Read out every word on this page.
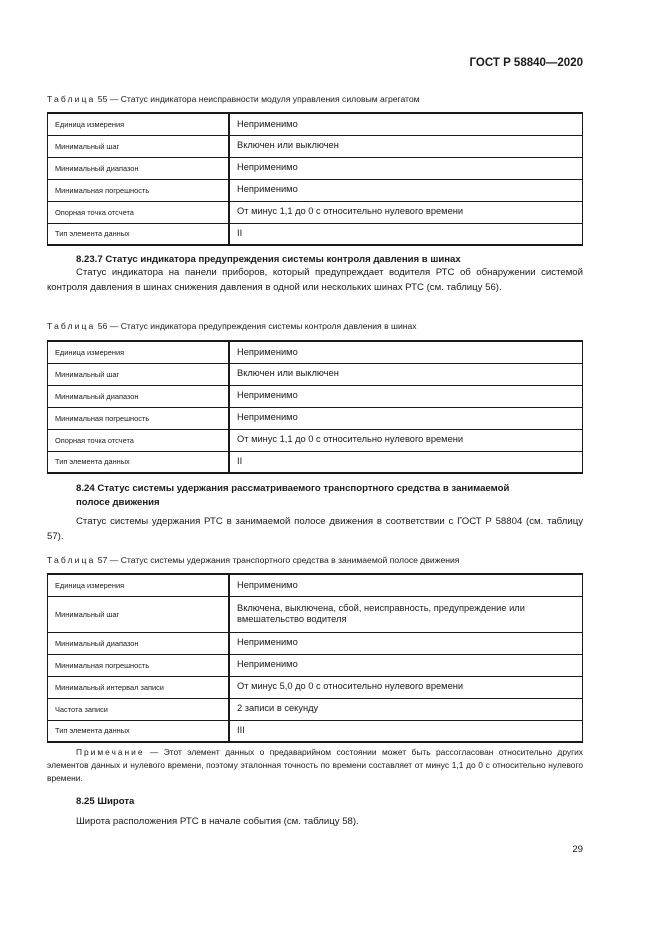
ГОСТ Р 58840—2020
Таблица 55 — Статус индикатора неисправности модуля управления силовым агрегатом
Единица измерения	Неприменимо
Минимальный шаг	Включен или выключен
Минимальный диапазон	Неприменимо
Минимальная погрешность	Неприменимо
Опорная точка отсчета	От минус 1,1 до 0 с относительно нулевого времени
Тип элемента данных	II
8.23.7 Статус индикатора предупреждения системы контроля давления в шинах
Статус индикатора на панели приборов, который предупреждает водителя РТС об обнаружении системой контроля давления в шинах снижения давления в одной или нескольких шинах РТС (см. таблицу 56).
Таблица 56 — Статус индикатора предупреждения системы контроля давления в шинах
Единица измерения	Неприменимо
Минимальный шаг	Включен или выключен
Минимальный диапазон	Неприменимо
Минимальная погрешность	Неприменимо
Опорная точка отсчета	От минус 1,1 до 0 с относительно нулевого времени
Тип элемента данных	II
8.24 Статус системы удержания рассматриваемого транспортного средства в занимаемой
полосе движения
Статус системы удержания РТС в занимаемой полосе движения в соответствии с ГОСТ Р 58804 (см. таблицу 57).
Таблица 57 — Статус системы удержания транспортного средства в занимаемой полосе движения
Единица измерения	Неприменимо
Минимальный шаг	Включена, выключена, сбой, неисправность, предупреждение или вмешательство водителя
Минимальный диапазон	Неприменимо
Минимальная погрешность	Неприменимо
Минимальный интервал записи	От минус 5,0 до 0 с относительно нулевого времени
Частота записи	2 записи в секунду
Тип элемента данных	III
Примечание — Этот элемент данных о предаварийном состоянии может быть рассогласован относительно других элементов данных и нулевого времени, поэтому эталонная точность по времени составляет от минус 1,1 до 0 с относительно нулевого времени.
8.25 Широта
Широта расположения РТС в начале события (см. таблицу 58).
29
